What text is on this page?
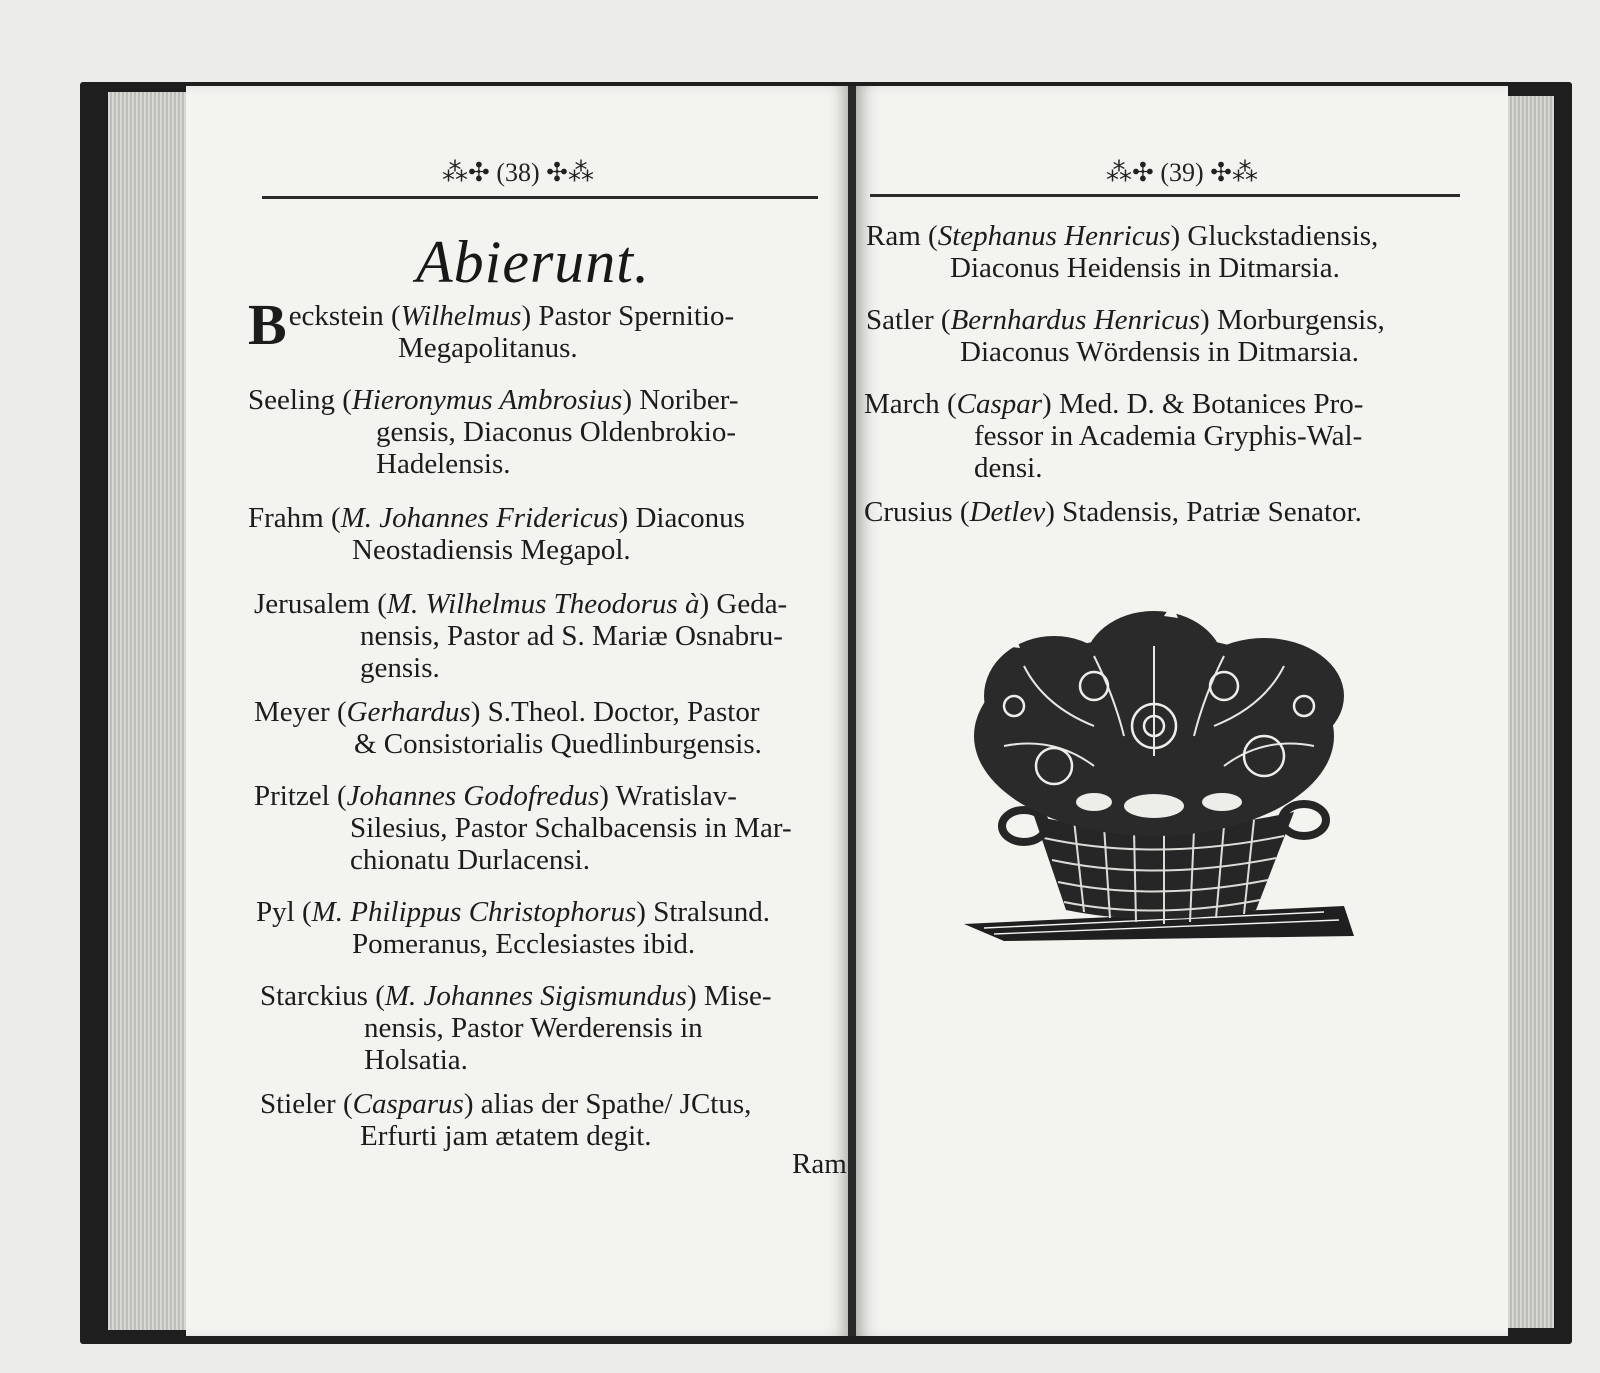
⁂✣ (38) ✣⁂
Abierunt.
Beckstein (Wilhelmus) Pastor Spernitio-
Megapolitanus.
Seeling (Hieronymus Ambrosius) Noriber-
gensis, Diaconus Oldenbrokio-
Hadelensis.
Frahm (M. Johannes Fridericus) Diaconus
Neostadiensis Megapol.
Jerusalem (M. Wilhelmus Theodorus à) Geda-
nensis, Pastor ad S. Mariæ Osnabru-
gensis.
Meyer (Gerhardus) S.Theol. Doctor, Pastor
& Consistorialis Quedlinburgensis.
Pritzel (Johannes Godofredus) Wratislav-
Silesius, Pastor Schalbacensis in Mar-
chionatu Durlacensi.
Pyl (M. Philippus Christophorus) Stralsund.
Pomeranus, Ecclesiastes ibid.
Starckius (M. Johannes Sigismundus) Mise-
nensis, Pastor Werderensis in
Holsatia.
Stieler (Casparus) alias der Spathe/ JCtus,
Erfurti jam ætatem degit.
Ram
⁂✣ (39) ✣⁂
Ram (Stephanus Henricus) Gluckstadiensis,
Diaconus Heidensis in Ditmarsia.
Satler (Bernhardus Henricus) Morburgensis,
Diaconus Wördensis in Ditmarsia.
March (Caspar) Med. D. & Botanices Pro-
fessor in Academia Gryphis-Wal-
densi.
Crusius (Detlev) Stadensis, Patriæ Senator.
